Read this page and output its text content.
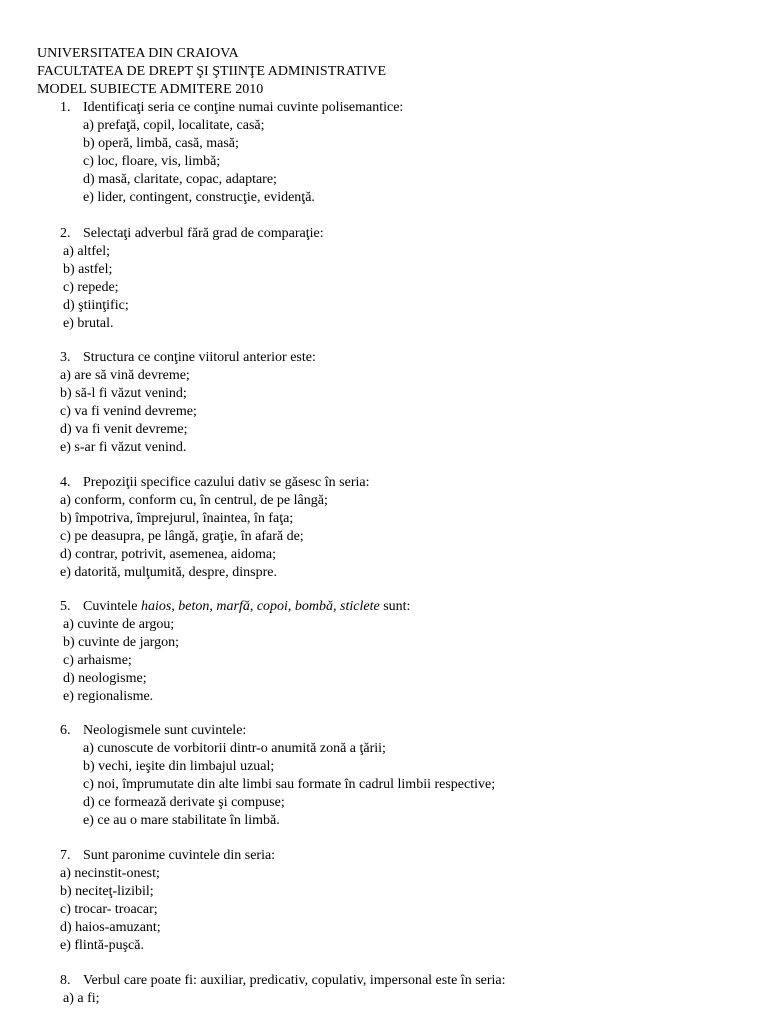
UNIVERSITATEA DIN CRAIOVA
FACULTATEA DE DREPT ŞI ŞTIINŢE ADMINISTRATIVE
MODEL SUBIECTE ADMITERE 2010
1. Identificaţi seria ce conţine numai cuvinte polisemantice:
a) prefaţă, copil, localitate, casă;
b) operă, limbă, casă, masă;
c) loc, floare, vis, limbă;
d) masă, claritate, copac, adaptare;
e) lider, contingent, construcţie, evidenţă.
2. Selectaţi adverbul fără grad de comparaţie:
a) altfel;
b) astfel;
c) repede;
d) ştiinţific;
e) brutal.
3. Structura ce conţine viitorul anterior este:
a) are să vină devreme;
b) să-l fi văzut venind;
c) va fi venind devreme;
d) va fi venit devreme;
e) s-ar fi văzut venind.
4. Prepoziţii specifice cazului dativ se găsesc în seria:
a) conform, conform cu, în centrul, de pe lângă;
b) împotriva, împrejurul, înaintea, în faţa;
c) pe deasupra, pe lângă, graţie, în afară de;
d) contrar, potrivit, asemenea, aidoma;
e) datorită, mulţumită, despre, dinspre.
5. Cuvintele haios, beton, marfă, copoi, bombă, sticlete sunt:
a) cuvinte de argou;
b) cuvinte de jargon;
c) arhaisme;
d) neologisme;
e) regionalisme.
6. Neologismele sunt cuvintele:
a) cunoscute de vorbitorii dintr-o anumită zonă a ţării;
b) vechi, ieşite din limbajul uzual;
c) noi, împrumutate din alte limbi sau formate în cadrul limbii respective;
d) ce formează derivate şi compuse;
e) ce au o mare stabilitate în limbă.
7. Sunt paronime cuvintele din seria:
a) necinstit-onest;
b) neciteţ-lizibil;
c) trocar- troacar;
d) haios-amuzant;
e) flintă-puşcă.
8. Verbul care poate fi: auxiliar, predicativ, copulativ, impersonal este în seria:
a) a fi;
